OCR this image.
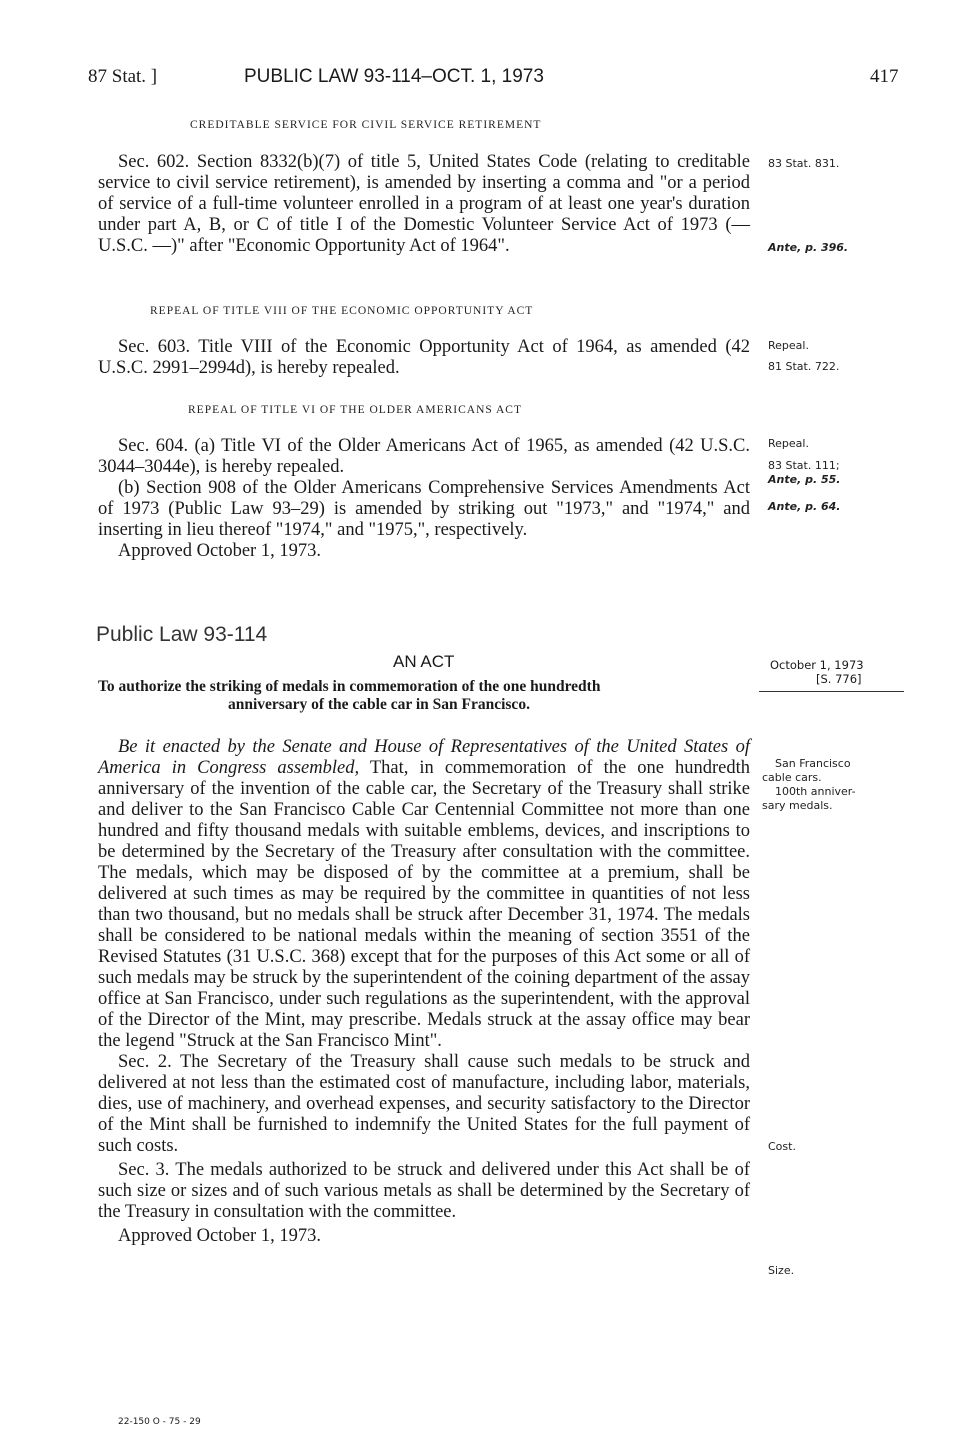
87 Stat. ]	PUBLIC LAW 93-114–OCT. 1, 1973	417
CREDITABLE SERVICE FOR CIVIL SERVICE RETIREMENT

Sec. 602. Section 8332(b)(7) of title 5, United States Code (relating to creditable service to civil service retirement), is amended by inserting a comma and "or a period of service of a full-time volunteer enrolled in a program of at least one year's duration under part A, B, or C of title I of the Domestic Volunteer Service Act of 1973 (— U.S.C. —)" after "Economic Opportunity Act of 1964".

83 Stat. 831.
Ante, p. 396.
REPEAL OF TITLE VIII OF THE ECONOMIC OPPORTUNITY ACT

Sec. 603. Title VIII of the Economic Opportunity Act of 1964, as amended (42 U.S.C. 2991–2994d), is hereby repealed.

Repeal.
81 Stat. 722.
REPEAL OF TITLE VI OF THE OLDER AMERICANS ACT

Sec. 604. (a) Title VI of the Older Americans Act of 1965, as amended (42 U.S.C. 3044–3044e), is hereby repealed.

(b) Section 908 of the Older Americans Comprehensive Services Amendments Act of 1973 (Public Law 93–29) is amended by striking out "1973," and "1974," and inserting in lieu thereof "1974," and "1975,", respectively.

Approved October 1, 1973.

Repeal.
83 Stat. 111;
Ante, p. 55.
Ante, p. 64.
Public Law 93-114
AN ACT	October 1, 1973
[S. 776]
To authorize the striking of medals in commemoration of the one hundredth
anniversary of the cable car in San Francisco.

Be it enacted by the Senate and House of Representatives of the United States of America in Congress assembled, That, in commemoration of the one hundredth anniversary of the invention of the cable car, the Secretary of the Treasury shall strike and deliver to the San Francisco Cable Car Centennial Committee not more than one hundred and fifty thousand medals with suitable emblems, devices, and inscriptions to be determined by the Secretary of the Treasury after consultation with the committee. The medals, which may be disposed of by the committee at a premium, shall be delivered at such times as may be required by the committee in quantities of not less than two thousand, but no medals shall be struck after December 31, 1974. The medals shall be considered to be national medals within the meaning of section 3551 of the Revised Statutes (31 U.S.C. 368) except that for the purposes of this Act some or all of such medals may be struck by the superintendent of the coining department of the assay office at San Francisco, under such regulations as the superintendent, with the approval of the Director of the Mint, may prescribe. Medals struck at the assay office may bear the legend "Struck at the San Francisco Mint".

Sec. 2. The Secretary of the Treasury shall cause such medals to be struck and delivered at not less than the estimated cost of manufacture, including labor, materials, dies, use of machinery, and overhead expenses, and security satisfactory to the Director of the Mint shall be furnished to indemnify the United States for the full payment of such costs.

Sec. 3. The medals authorized to be struck and delivered under this Act shall be of such size or sizes and of such various metals as shall be determined by the Secretary of the Treasury in consultation with the committee.

Approved October 1, 1973.

San Francisco
cable cars.
100th anniver-
sary medals.
Cost.
Size.
22-150 O - 75 - 29
